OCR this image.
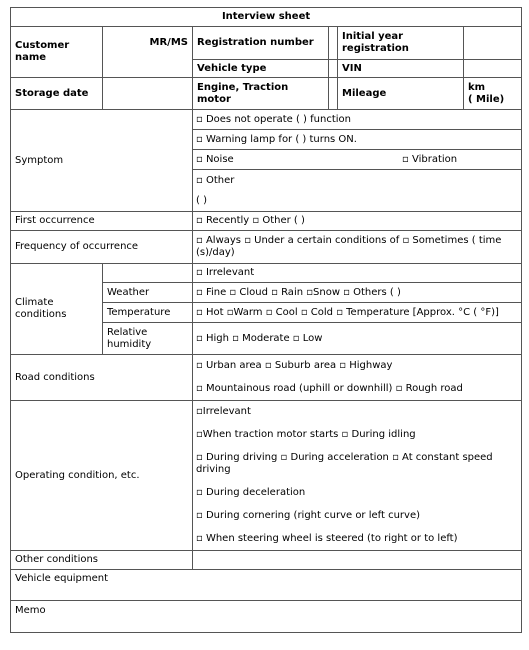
Interview sheet					
Customer name	MR/MS	Registration number		Initial year registration	
		Vehicle type		VIN	
Storage date		Engine, Traction motor		Mileage	km
( Mile)
Symptom		▫ Does not operate ( ) function			
		▫ Warning lamp for ( ) turns ON.			
		▫ Noise ▫ Vibration			
		▫ Other			
		( )			
First occurrence		▫ Recently ▫ Other ( )			
Frequency of occurrence		▫ Always ▫ Under a certain conditions of ▫ Sometimes ( time (s)/day)			
Climate conditions		▫ Irrelevant			
	Weather	▫ Fine ▫ Cloud ▫ Rain ▫Snow ▫ Others ( )			
	Temperature	▫ Hot ▫Warm ▫ Cool ▫ Cold ▫ Temperature [Approx. °C ( °F)]			
	Relative humidity	▫ High ▫ Moderate ▫ Low			
Road conditions		▫ Urban area ▫ Suburb area ▫ Highway			
		▫ Mountainous road (uphill or downhill) ▫ Rough road			
Operating condition, etc.		▫Irrelevant			
		▫When traction motor starts ▫ During idling			
		▫ During driving ▫ During acceleration ▫ At constant speed driving			
		▫ During deceleration			
		▫ During cornering (right curve or left curve)			
		▫ When steering wheel is steered (to right or to left)			
Other conditions					
Vehicle equipment					
Memo					
